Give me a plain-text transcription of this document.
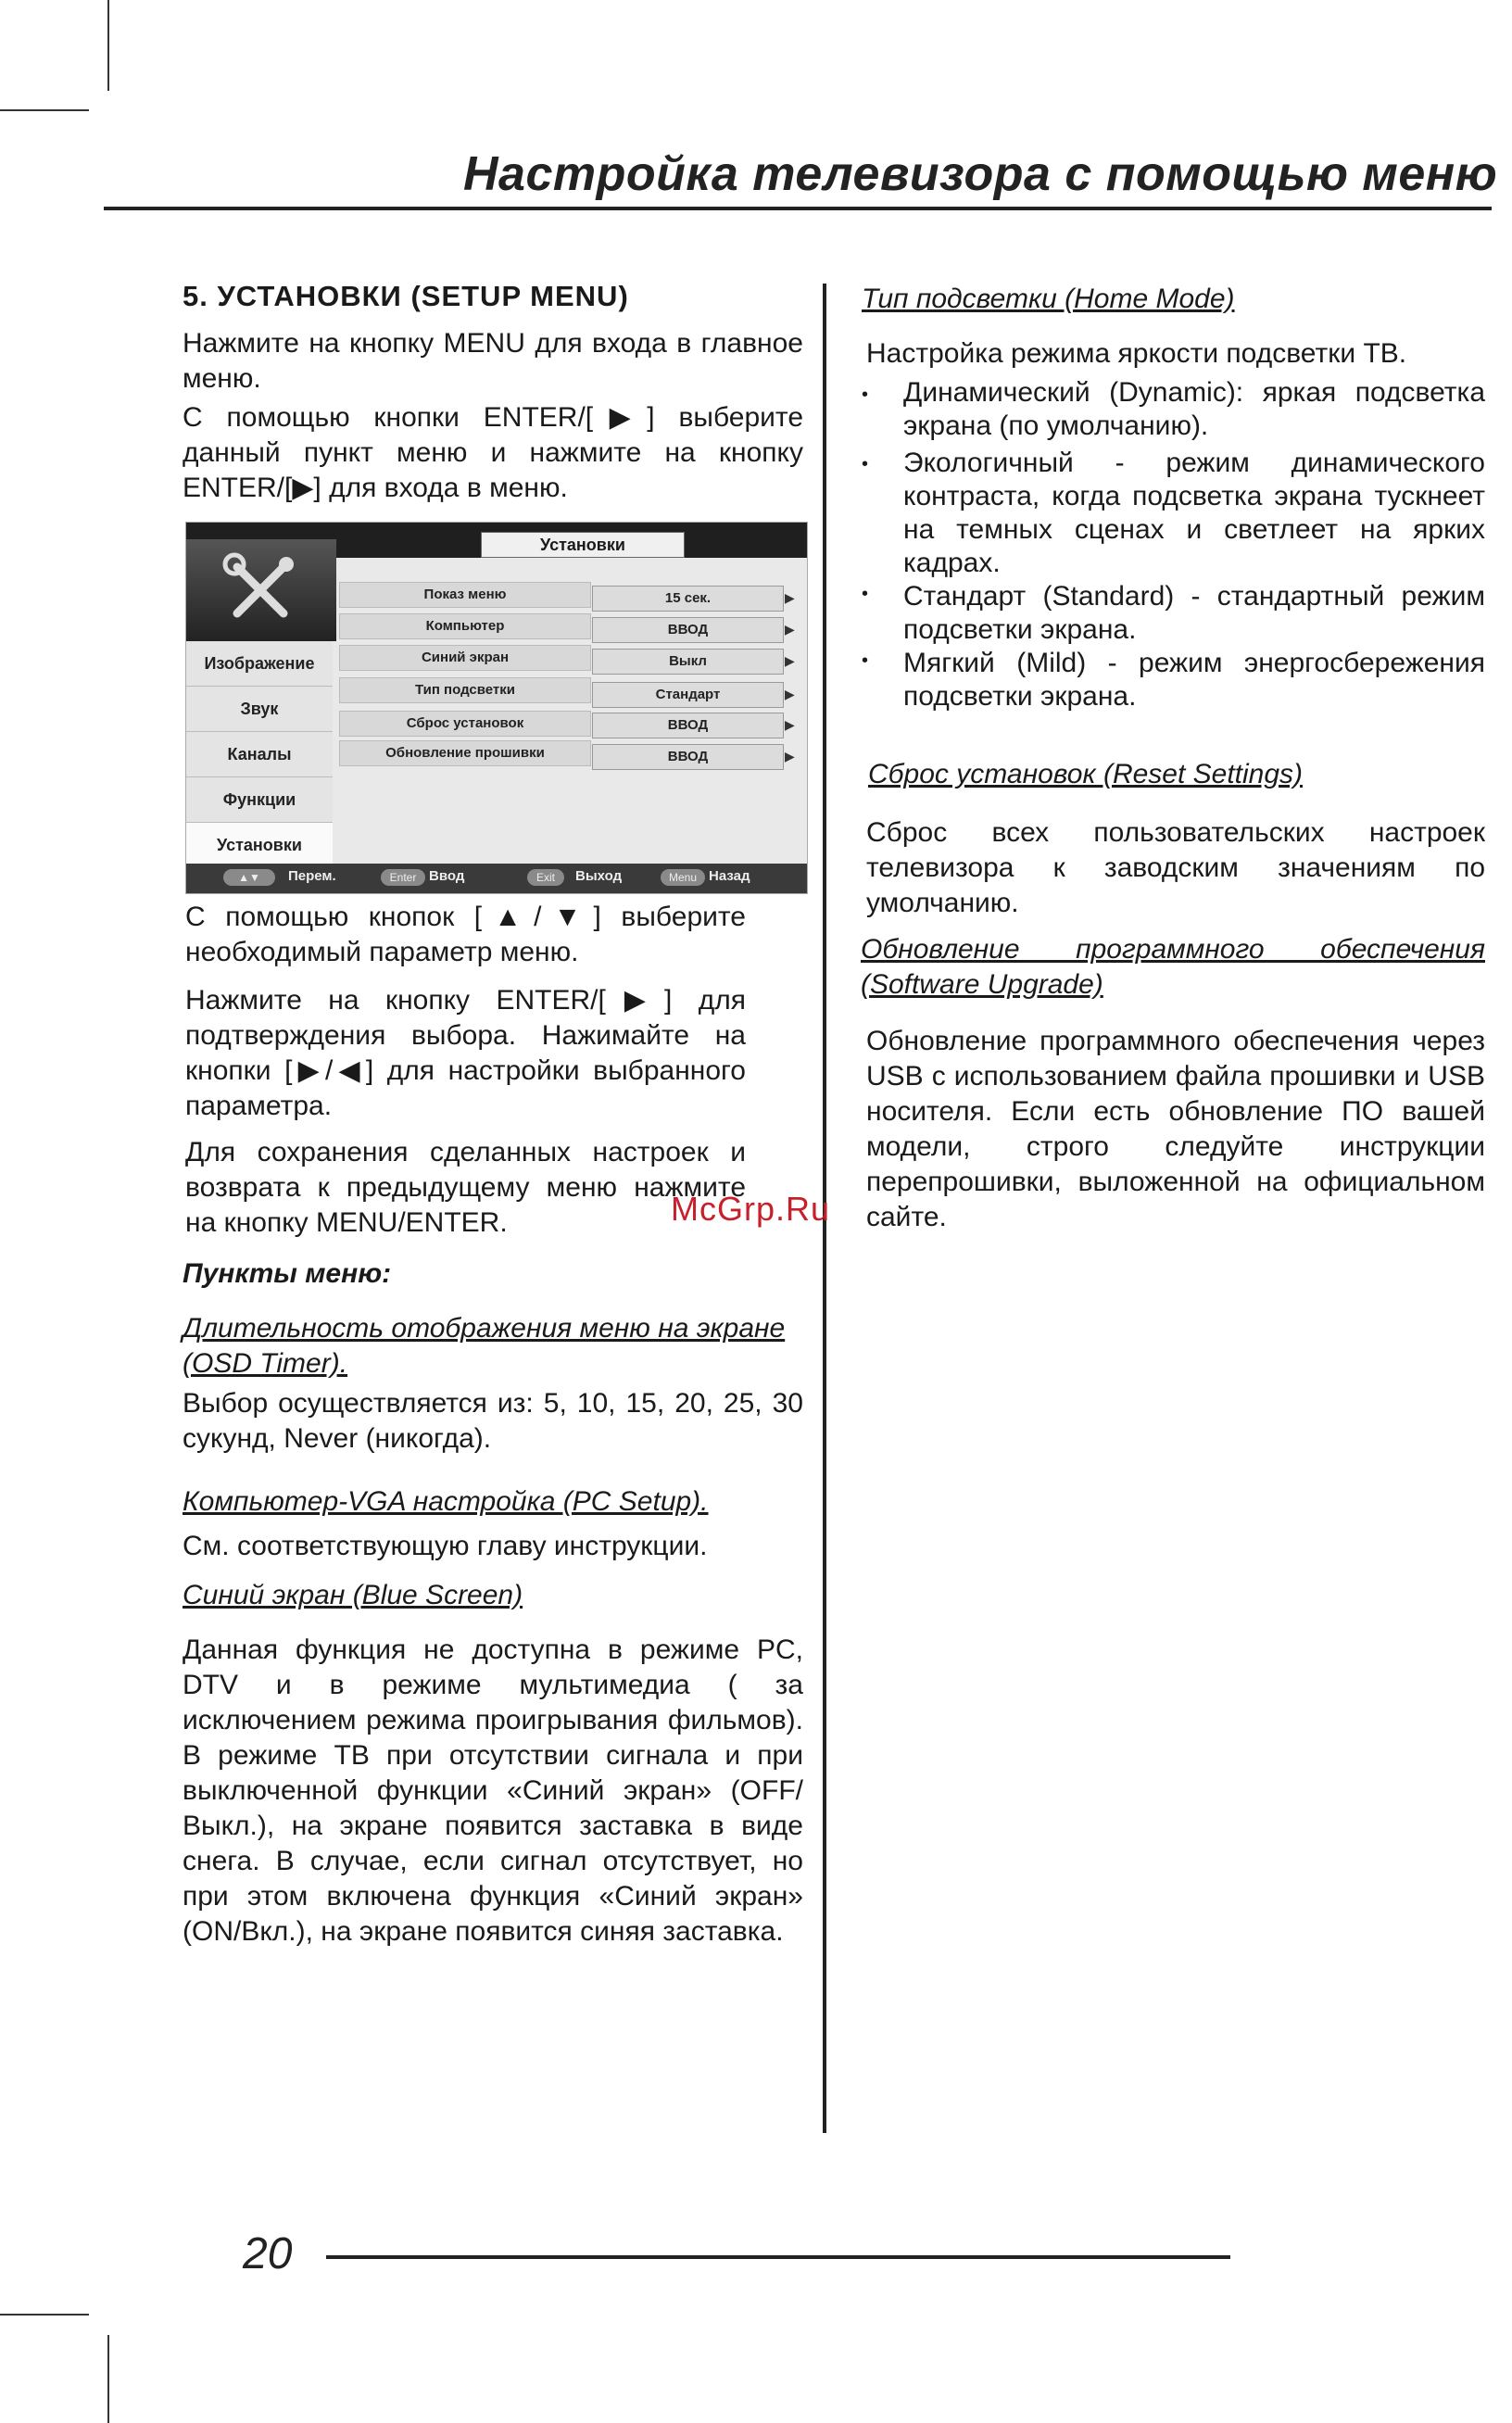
Настройка телевизора с помощью меню
5. УСТАНОВКИ (SETUP MENU)
Нажмите на кнопку MENU для входа в главное меню.
С помощью кнопки ENTER/[▶] выберите данный пункт меню и нажмите на кнопку ENTER/[▶] для входа в меню.
Установки
Изображение
Звук
Каналы
Функции
Установки
Показ меню	15 сек.	▶
Компьютер	ВВОД	▶
Синий экран	Выкл	▶
Тип подсветки	Стандарт	▶
Сброс установок	ВВОД	▶
Обновление прошивки	ВВОД	▶
▲▼	Перем.	Enter Ввод	Exit	Выход	Menu Назад
С помощью кнопок [▲/▼] выберите необходимый параметр меню.
Нажмите на кнопку ENTER/[▶] для подтверждения выбора. Нажимайте на кнопки [▶/◀] для настройки выбранного параметра.
Для сохранения сделанных настроек и возврата к предыдущему меню нажмите на кнопку MENU/ENTER.
Пункты меню:
Длительность отображения меню на экране (OSD Timer).
Выбор осуществляется из: 5, 10, 15, 20, 25, 30 сукунд, Never (никогда).
Компьютер-VGA настройка (PC Setup).
См. соответствующую главу инструкции.
Синий экран (Blue Screen)
Данная функция не доступна в режиме PC, DTV и в режиме мультимедиа ( за исключением режима проигрывания фильмов). В режиме ТВ при отсутствии сигнала и при выключенной функции «Синий экран» (OFF/Выкл.), на экране появится заставка в виде снега. В случае, если сигнал отсутствует, но при этом включена функция «Синий экран» (ON/Вкл.), на экране появится синяя заставка.
Тип подсветки (Home Mode)
Настройка режима яркости подсветки ТВ.
• Динамический (Dynamic): яркая подсветка экрана (по умолчанию).
• Экологичный - режим динамического контраста, когда подсветка экрана тускнеет на темных сценах и светлеет на ярких кадрах.
• Стандарт (Standard) - стандартный режим подсветки экрана.
• Мягкий (Mild) - режим энергосбережения подсветки экрана.
Сброс установок (Reset Settings)
Сброс всех пользовательских настроек телевизора к заводским значениям по умолчанию.
Обновление программного обеспечения (Software Upgrade)
Обновление программного обеспечения через USB с использованием файла прошивки и USB носителя. Если есть обновление ПО вашей модели, строго следуйте инструкции перепрошивки, выложенной на официальном сайте.
McGrp.Ru
20
